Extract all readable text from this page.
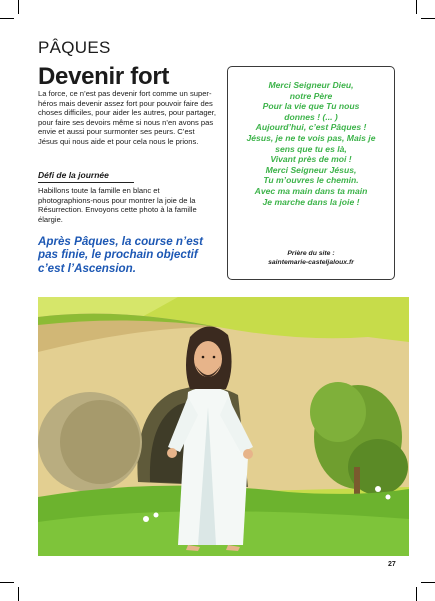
PÂQUES
Devenir fort
La force, ce n’est pas devenir fort comme un super-héros mais devenir assez fort pour pouvoir faire des choses difficiles, pour aider les autres, pour partager, pour faire ses devoirs même si nous n’en avons pas envie et aussi pour surmonter ses peurs. C’est Jésus qui nous aide et pour cela nous le prions.
Défi de la journée
Habillons toute la famille en blanc et photographions-nous pour montrer la joie de la Résurrection. Envoyons cette photo à la famille élargie.
Après Pâques, la course n’est pas finie, le prochain objectif c’est l’Ascension.
Merci Seigneur Dieu,
notre Père
Pour la vie que Tu nous
donnes ! (... )
Aujourd’hui, c’est Pâques !
Jésus, je ne te vois pas, Mais je
sens que tu es là,
Vivant près de moi !
Merci Seigneur Jésus,
Tu m’ouvres le chemin.
Avec ma main dans ta main
Je marche dans la joie !
Prière du site :
saintemarie-casteljaloux.fr
27
